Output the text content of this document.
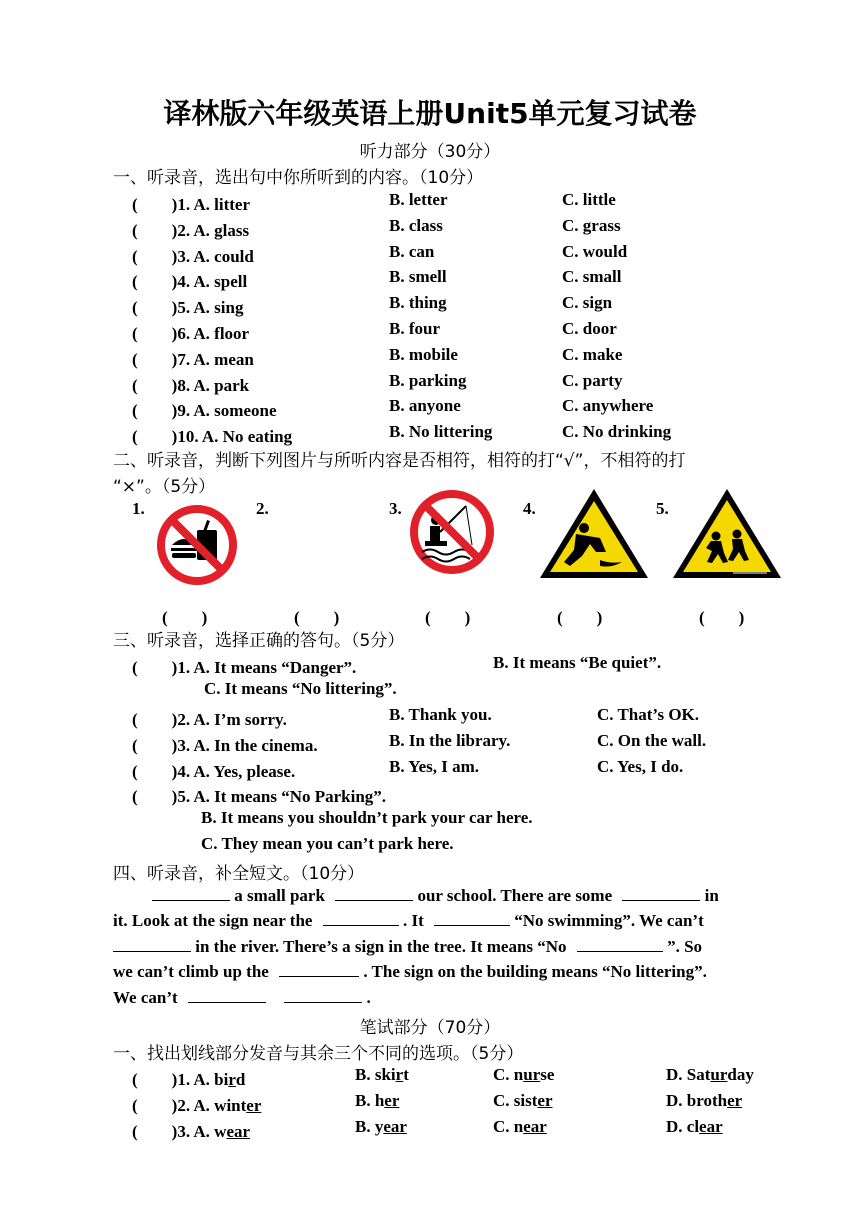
译林版六年级英语上册Unit5单元复习试卷
听力部分（30分）
一、听录音，选出句中你所听到的内容。（10分）
(　　)1. A. litter	B. letter	C. little
(　　)2. A. glass	B. class	C. grass
(　　)3. A. could	B. can	C. would
(　　)4. A. spell	B. smell	C. small
(　　)5. A. sing	B. thing	C. sign
(　　)6. A. floor	B. four	C. door
(　　)7. A. mean	B. mobile	C. make
(　　)8. A. park	B. parking	C. party
(　　)9. A. someone	B. anyone	C. anywhere
(　　)10. A. No eating	B. No littering	C. No drinking
二、听录音，判断下列图片与所听内容是否相符，相符的打“√”，不相符的打
“×”。（5分）
1.	2.	3.	4.	5.
(　　)	(　　)	(　　)	(　　)	(　　)
三、听录音，选择正确的答句。（5分）
(　　)1. A. It means “Danger”.	B. It means “Be quiet”.
C. It means “No littering”.
(　　)2. A. I’m sorry.	B. Thank you.	C. That’s OK.
(　　)3. A. In the cinema.	B. In the library.	C. On the wall.
(　　)4. A. Yes, please.	B. Yes, I am.	C. Yes, I do.
(　　)5. A. It means “No Parking”.
B. It means you shouldn’t park your car here.
C. They mean you can’t park here.
四、听录音，补全短文。（10分）
a small park	our school. There are some	in
it. Look at the sign near the	. It	“No swimming”. We can’t
in the river. There’s a sign in the tree. It means “No	”. So
we can’t climb up the	. The sign on the building means “No littering”.
We can’t	.
笔试部分（70分）
一、找出划线部分发音与其余三个不同的选项。（5分）
(　　)1. A. bird	B. skirt	C. nurse	D. Saturday
(　　)2. A. winter	B. her	C. sister	D. brother
(　　)3. A. wear	B. year	C. near	D. clear
